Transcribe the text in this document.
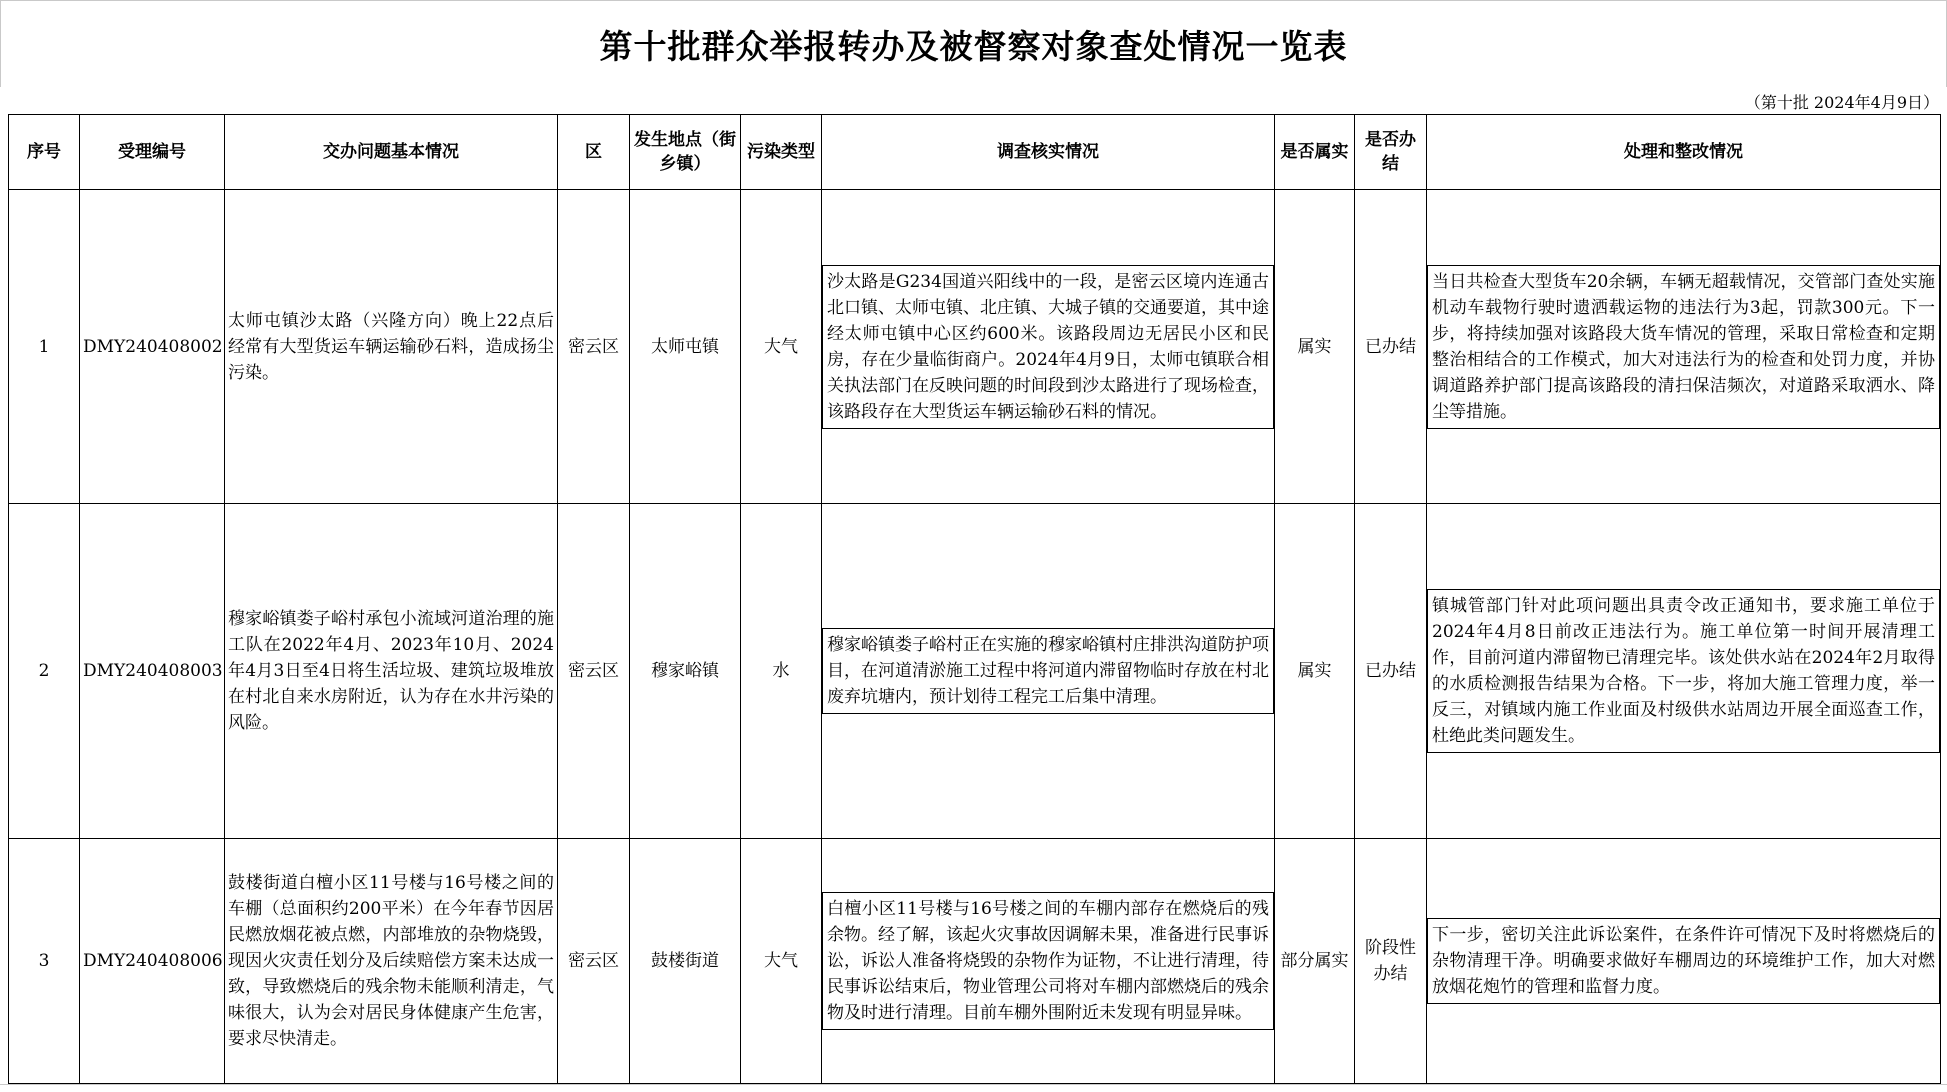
第十批群众举报转办及被督察对象查处情况一览表
（第十批 2024年4月9日）
序号	受理编号	交办问题基本情况	区	发生地点（街乡镇）	污染类型	调查核实情况	是否属实	是否办结	处理和整改情况
1	DMY240408002	太师屯镇沙太路（兴隆方向）晚上22点后经常有大型货运车辆运输砂石料，造成扬尘污染。	密云区	太师屯镇	大气	沙太路是G234国道兴阳线中的一段，是密云区境内连通古北口镇、太师屯镇、北庄镇、大城子镇的交通要道，其中途经太师屯镇中心区约600米。该路段周边无居民小区和民房，存在少量临街商户。2024年4月9日，太师屯镇联合相关执法部门在反映问题的时间段到沙太路进行了现场检查，该路段存在大型货运车辆运输砂石料的情况。	属实	已办结	当日共检查大型货车20余辆，车辆无超载情况，交管部门查处实施机动车载物行驶时遗洒载运物的违法行为3起，罚款300元。下一步，将持续加强对该路段大货车情况的管理，采取日常检查和定期整治相结合的工作模式，加大对违法行为的检查和处罚力度，并协调道路养护部门提高该路段的清扫保洁频次，对道路采取洒水、降尘等措施。

2	DMY240408003	穆家峪镇娄子峪村承包小流域河道治理的施工队在2022年4月、2023年10月、2024年4月3日至4日将生活垃圾、建筑垃圾堆放在村北自来水房附近，认为存在水井污染的风险。	密云区	穆家峪镇	水	穆家峪镇娄子峪村正在实施的穆家峪镇村庄排洪沟道防护项目，在河道清淤施工过程中将河道内滞留物临时存放在村北废弃坑塘内，预计划待工程完工后集中清理。	属实	已办结	镇城管部门针对此项问题出具责令改正通知书，要求施工单位于2024年4月8日前改正违法行为。施工单位第一时间开展清理工作，目前河道内滞留物已清理完毕。该处供水站在2024年2月取得的水质检测报告结果为合格。下一步，将加大施工管理力度，举一反三，对镇域内施工作业面及村级供水站周边开展全面巡查工作，杜绝此类问题发生。

3	DMY240408006	鼓楼街道白檀小区11号楼与16号楼之间的车棚（总面积约200平米）在今年春节因居民燃放烟花被点燃，内部堆放的杂物烧毁，现因火灾责任划分及后续赔偿方案未达成一致，导致燃烧后的残余物未能顺利清走，气味很大，认为会对居民身体健康产生危害，要求尽快清走。	密云区	鼓楼街道	大气	白檀小区11号楼与16号楼之间的车棚内部存在燃烧后的残余物。经了解，该起火灾事故因调解未果，准备进行民事诉讼，诉讼人准备将烧毁的杂物作为证物，不让进行清理，待民事诉讼结束后，物业管理公司将对车棚内部燃烧后的残余物及时进行清理。目前车棚外围附近未发现有明显异味。	部分属实	阶段性办结	下一步，密切关注此诉讼案件，在条件许可情况下及时将燃烧后的杂物清理干净。明确要求做好车棚周边的环境维护工作，加大对燃放烟花炮竹的管理和监督力度。
